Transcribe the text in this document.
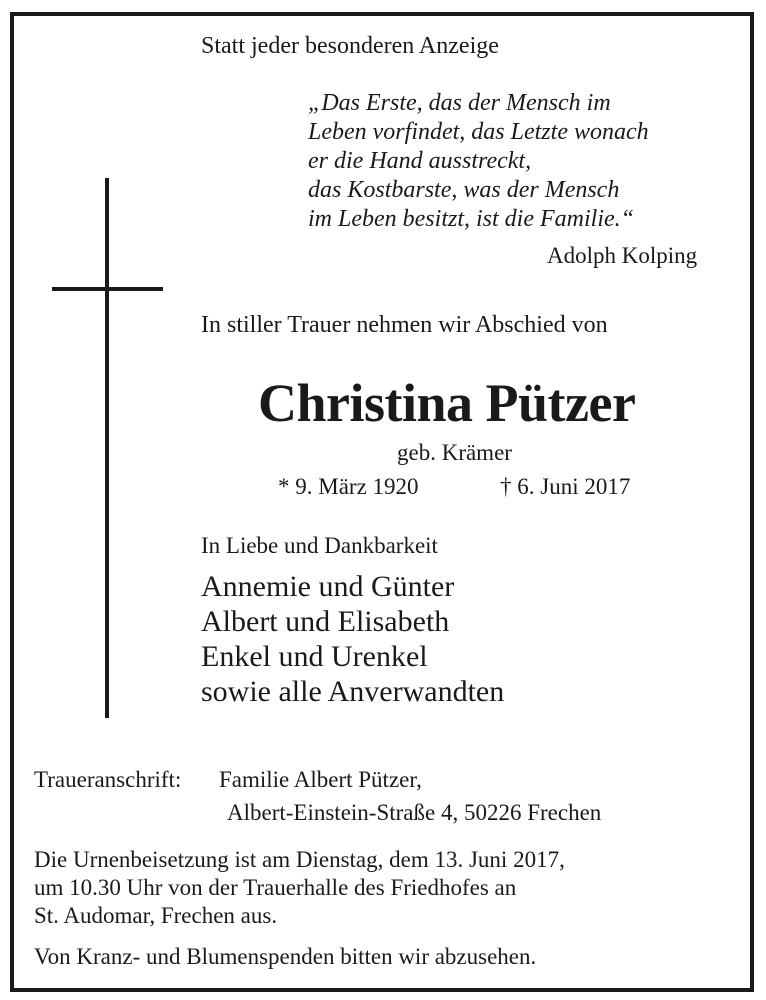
Statt jeder besonderen Anzeige
„Das Erste, das der Mensch im
Leben vorfindet, das Letzte wonach
er die Hand ausstreckt,
das Kostbarste, was der Mensch
im Leben besitzt, ist die Familie.“
Adolph Kolping
In stiller Trauer nehmen wir Abschied von
Christina Pützer
geb. Krämer
* 9. März 1920	† 6. Juni 2017
In Liebe und Dankbarkeit
Annemie und Günter
Albert und Elisabeth
Enkel und Urenkel
sowie alle Anverwandten
Traueranschrift: Familie Albert Pützer,
Albert-Einstein-Straße 4, 50226 Frechen
Die Urnenbeisetzung ist am Dienstag, dem 13. Juni 2017,
um 10.30 Uhr von der Trauerhalle des Friedhofes an
St. Audomar, Frechen aus.
Von Kranz- und Blumenspenden bitten wir abzusehen.
